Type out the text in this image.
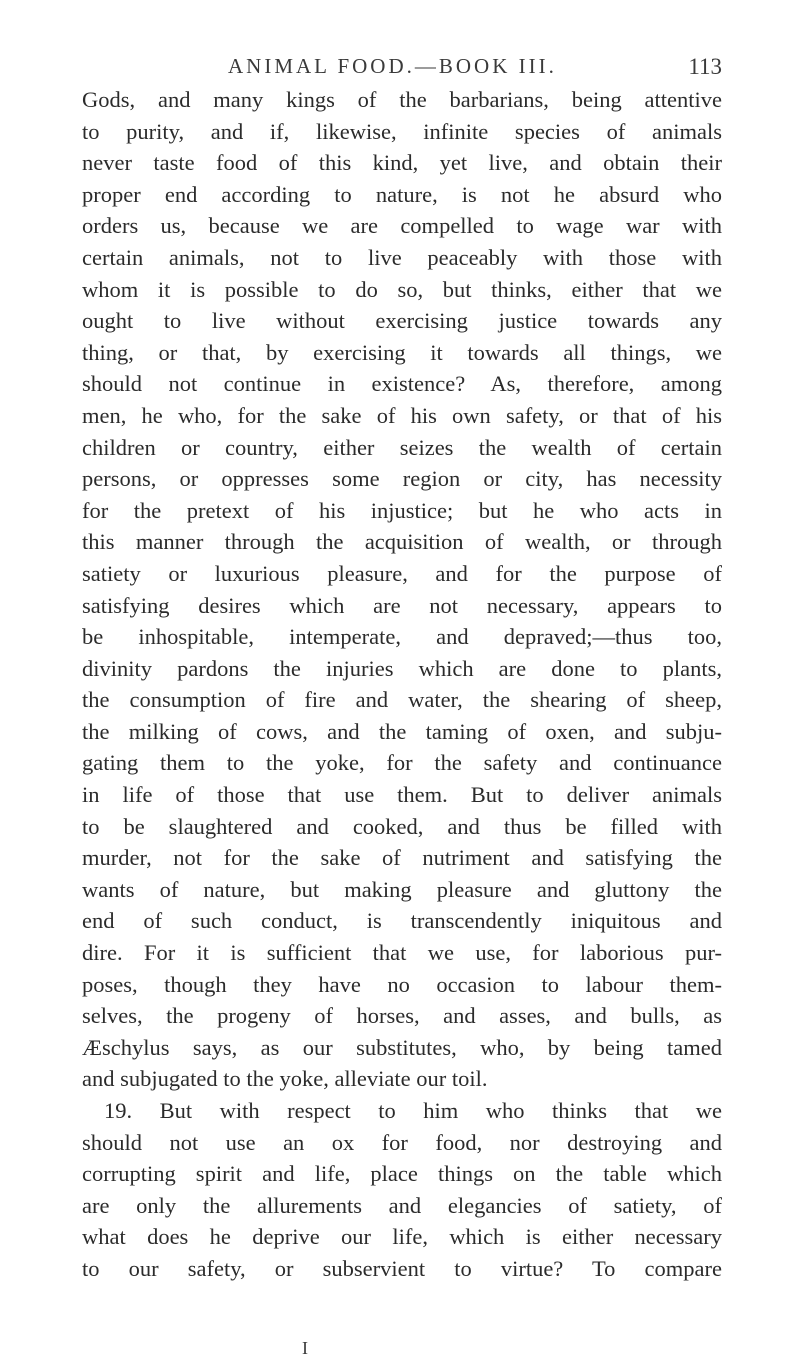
ANIMAL FOOD.—BOOK III.	113
Gods, and many kings of the barbarians, being attentive
to purity, and if, likewise, infinite species of animals
never taste food of this kind, yet live, and obtain their
proper end according to nature, is not he absurd who
orders us, because we are compelled to wage war with
certain animals, not to live peaceably with those with
whom it is possible to do so, but thinks, either that we
ought to live without exercising justice towards any
thing, or that, by exercising it towards all things, we
should not continue in existence? As, therefore, among
men, he who, for the sake of his own safety, or that of his
children or country, either seizes the wealth of certain
persons, or oppresses some region or city, has necessity
for the pretext of his injustice; but he who acts in
this manner through the acquisition of wealth, or through
satiety or luxurious pleasure, and for the purpose of
satisfying desires which are not necessary, appears to
be inhospitable, intemperate, and depraved;—thus too,
divinity pardons the injuries which are done to plants,
the consumption of fire and water, the shearing of sheep,
the milking of cows, and the taming of oxen, and subju-
gating them to the yoke, for the safety and continuance
in life of those that use them. But to deliver animals
to be slaughtered and cooked, and thus be filled with
murder, not for the sake of nutriment and satisfying the
wants of nature, but making pleasure and gluttony the
end of such conduct, is transcendently iniquitous and
dire. For it is sufficient that we use, for laborious pur-
poses, though they have no occasion to labour them-
selves, the progeny of horses, and asses, and bulls, as
Æschylus says, as our substitutes, who, by being tamed
and subjugated to the yoke, alleviate our toil.
19. But with respect to him who thinks that we
should not use an ox for food, nor destroying and
corrupting spirit and life, place things on the table which
are only the allurements and elegancies of satiety, of
what does he deprive our life, which is either necessary
to our safety, or subservient to virtue? To compare
I
